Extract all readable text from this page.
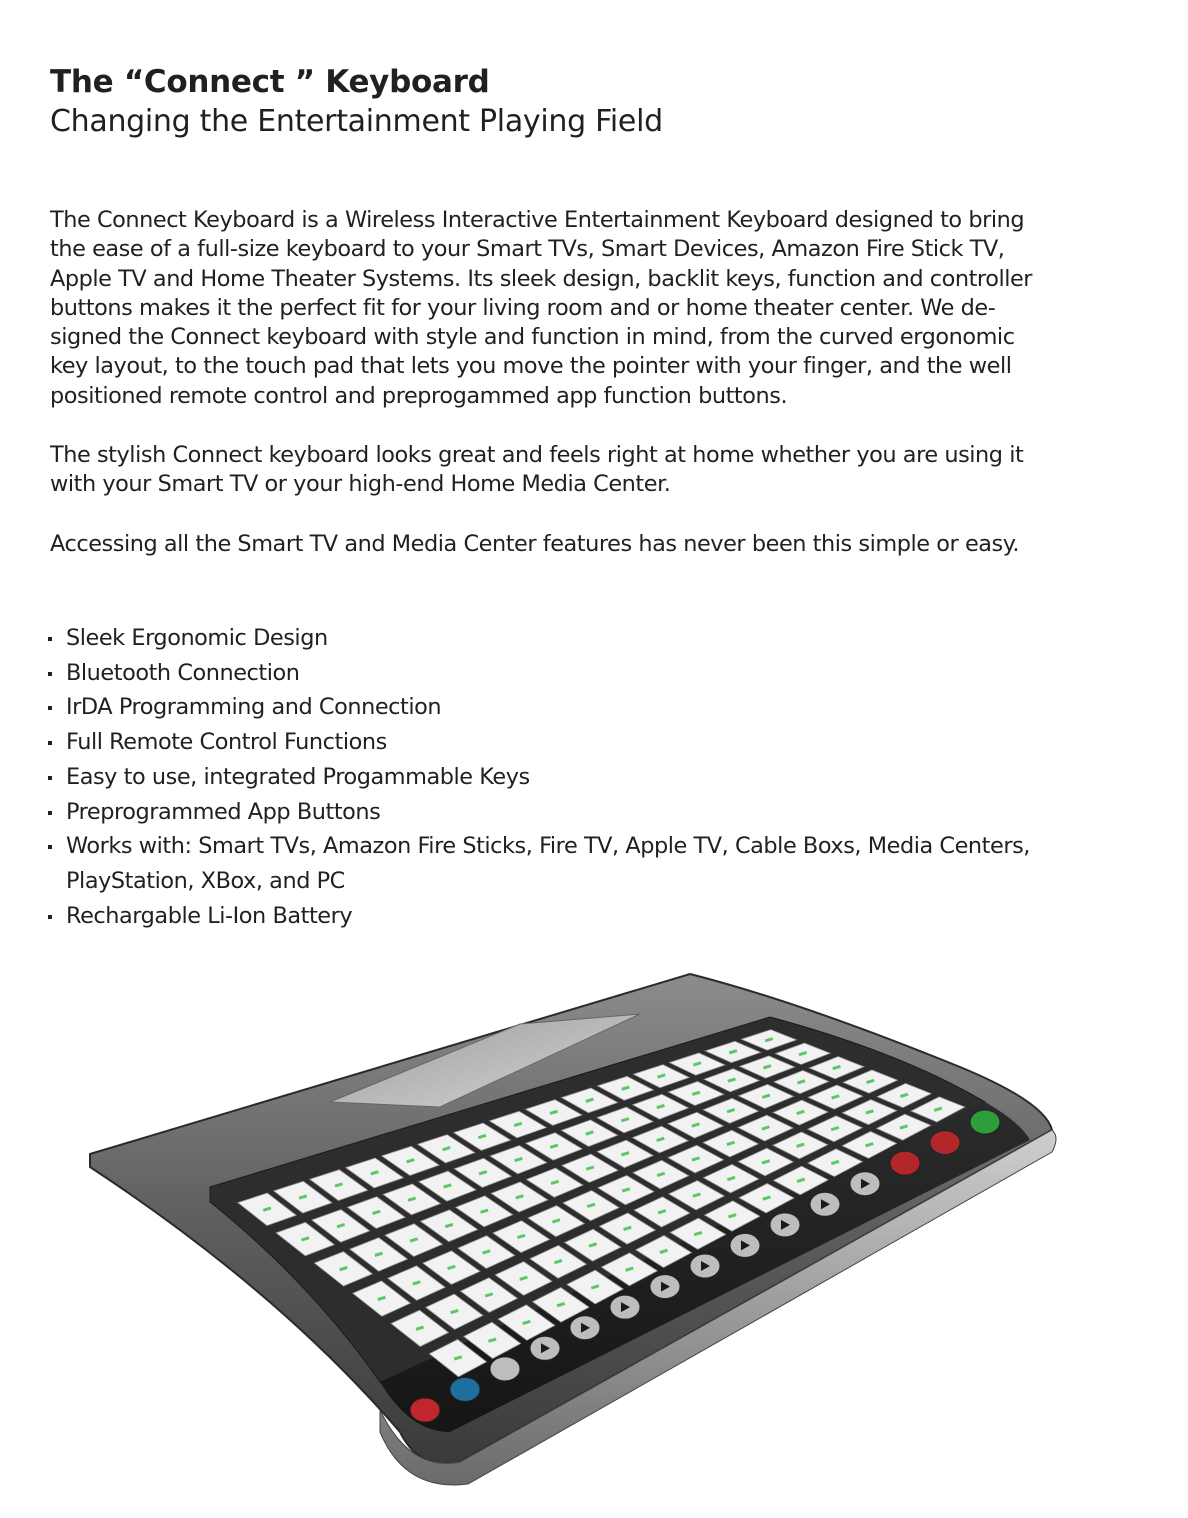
The “Connect ” Keyboard
Changing the Entertainment Playing Field

The Connect Keyboard is a Wireless Interactive Entertainment Keyboard designed to bring
the ease of a full-size keyboard to your Smart TVs, Smart Devices, Amazon Fire Stick TV,
Apple TV and Home Theater Systems. Its sleek design, backlit keys, function and controller
buttons makes it the perfect fit for your living room and or home theater center. We de-
signed the Connect keyboard with style and function in mind, from the curved ergonomic
key layout, to the touch pad that lets you move the pointer with your finger, and the well
positioned remote control and preprogammed app function buttons.

The stylish Connect keyboard looks great and feels right at home whether you are using it
with your Smart TV or your high-end Home Media Center.

Accessing all the Smart TV and Media Center features has never been this simple or easy.

Sleek Ergonomic Design
Bluetooth Connection
IrDA Programming and Connection
Full Remote Control Functions
Easy to use, integrated Progammable Keys
Preprogrammed App Buttons
Works with: Smart TVs, Amazon Fire Sticks, Fire TV, Apple TV, Cable Boxs, Media Centers,
PlayStation, XBox, and PC
Rechargable Li-Ion Battery
